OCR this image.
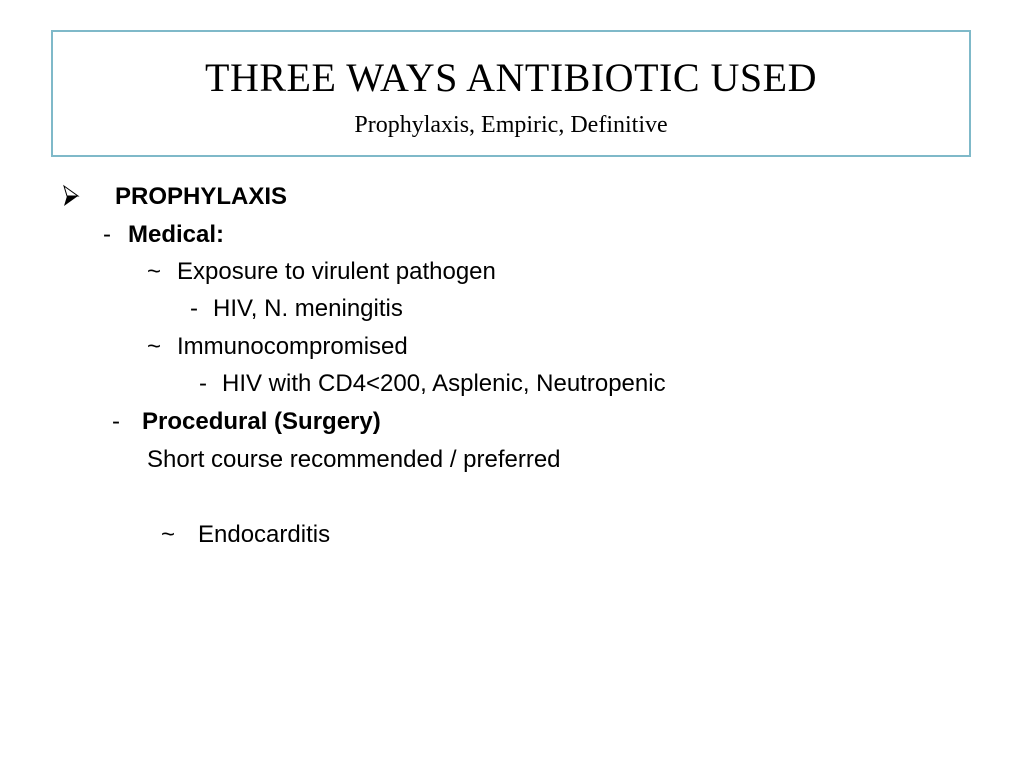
THREE WAYS ANTIBIOTIC USED
Prophylaxis, Empiric, Definitive
PROPHYLAXIS
- Medical:
~ Exposure to virulent pathogen
- HIV, N. meningitis
~ Immunocompromised
- HIV with CD4<200, Asplenic, Neutropenic
- Procedural (Surgery)
Short course recommended / preferred
~ Endocarditis
